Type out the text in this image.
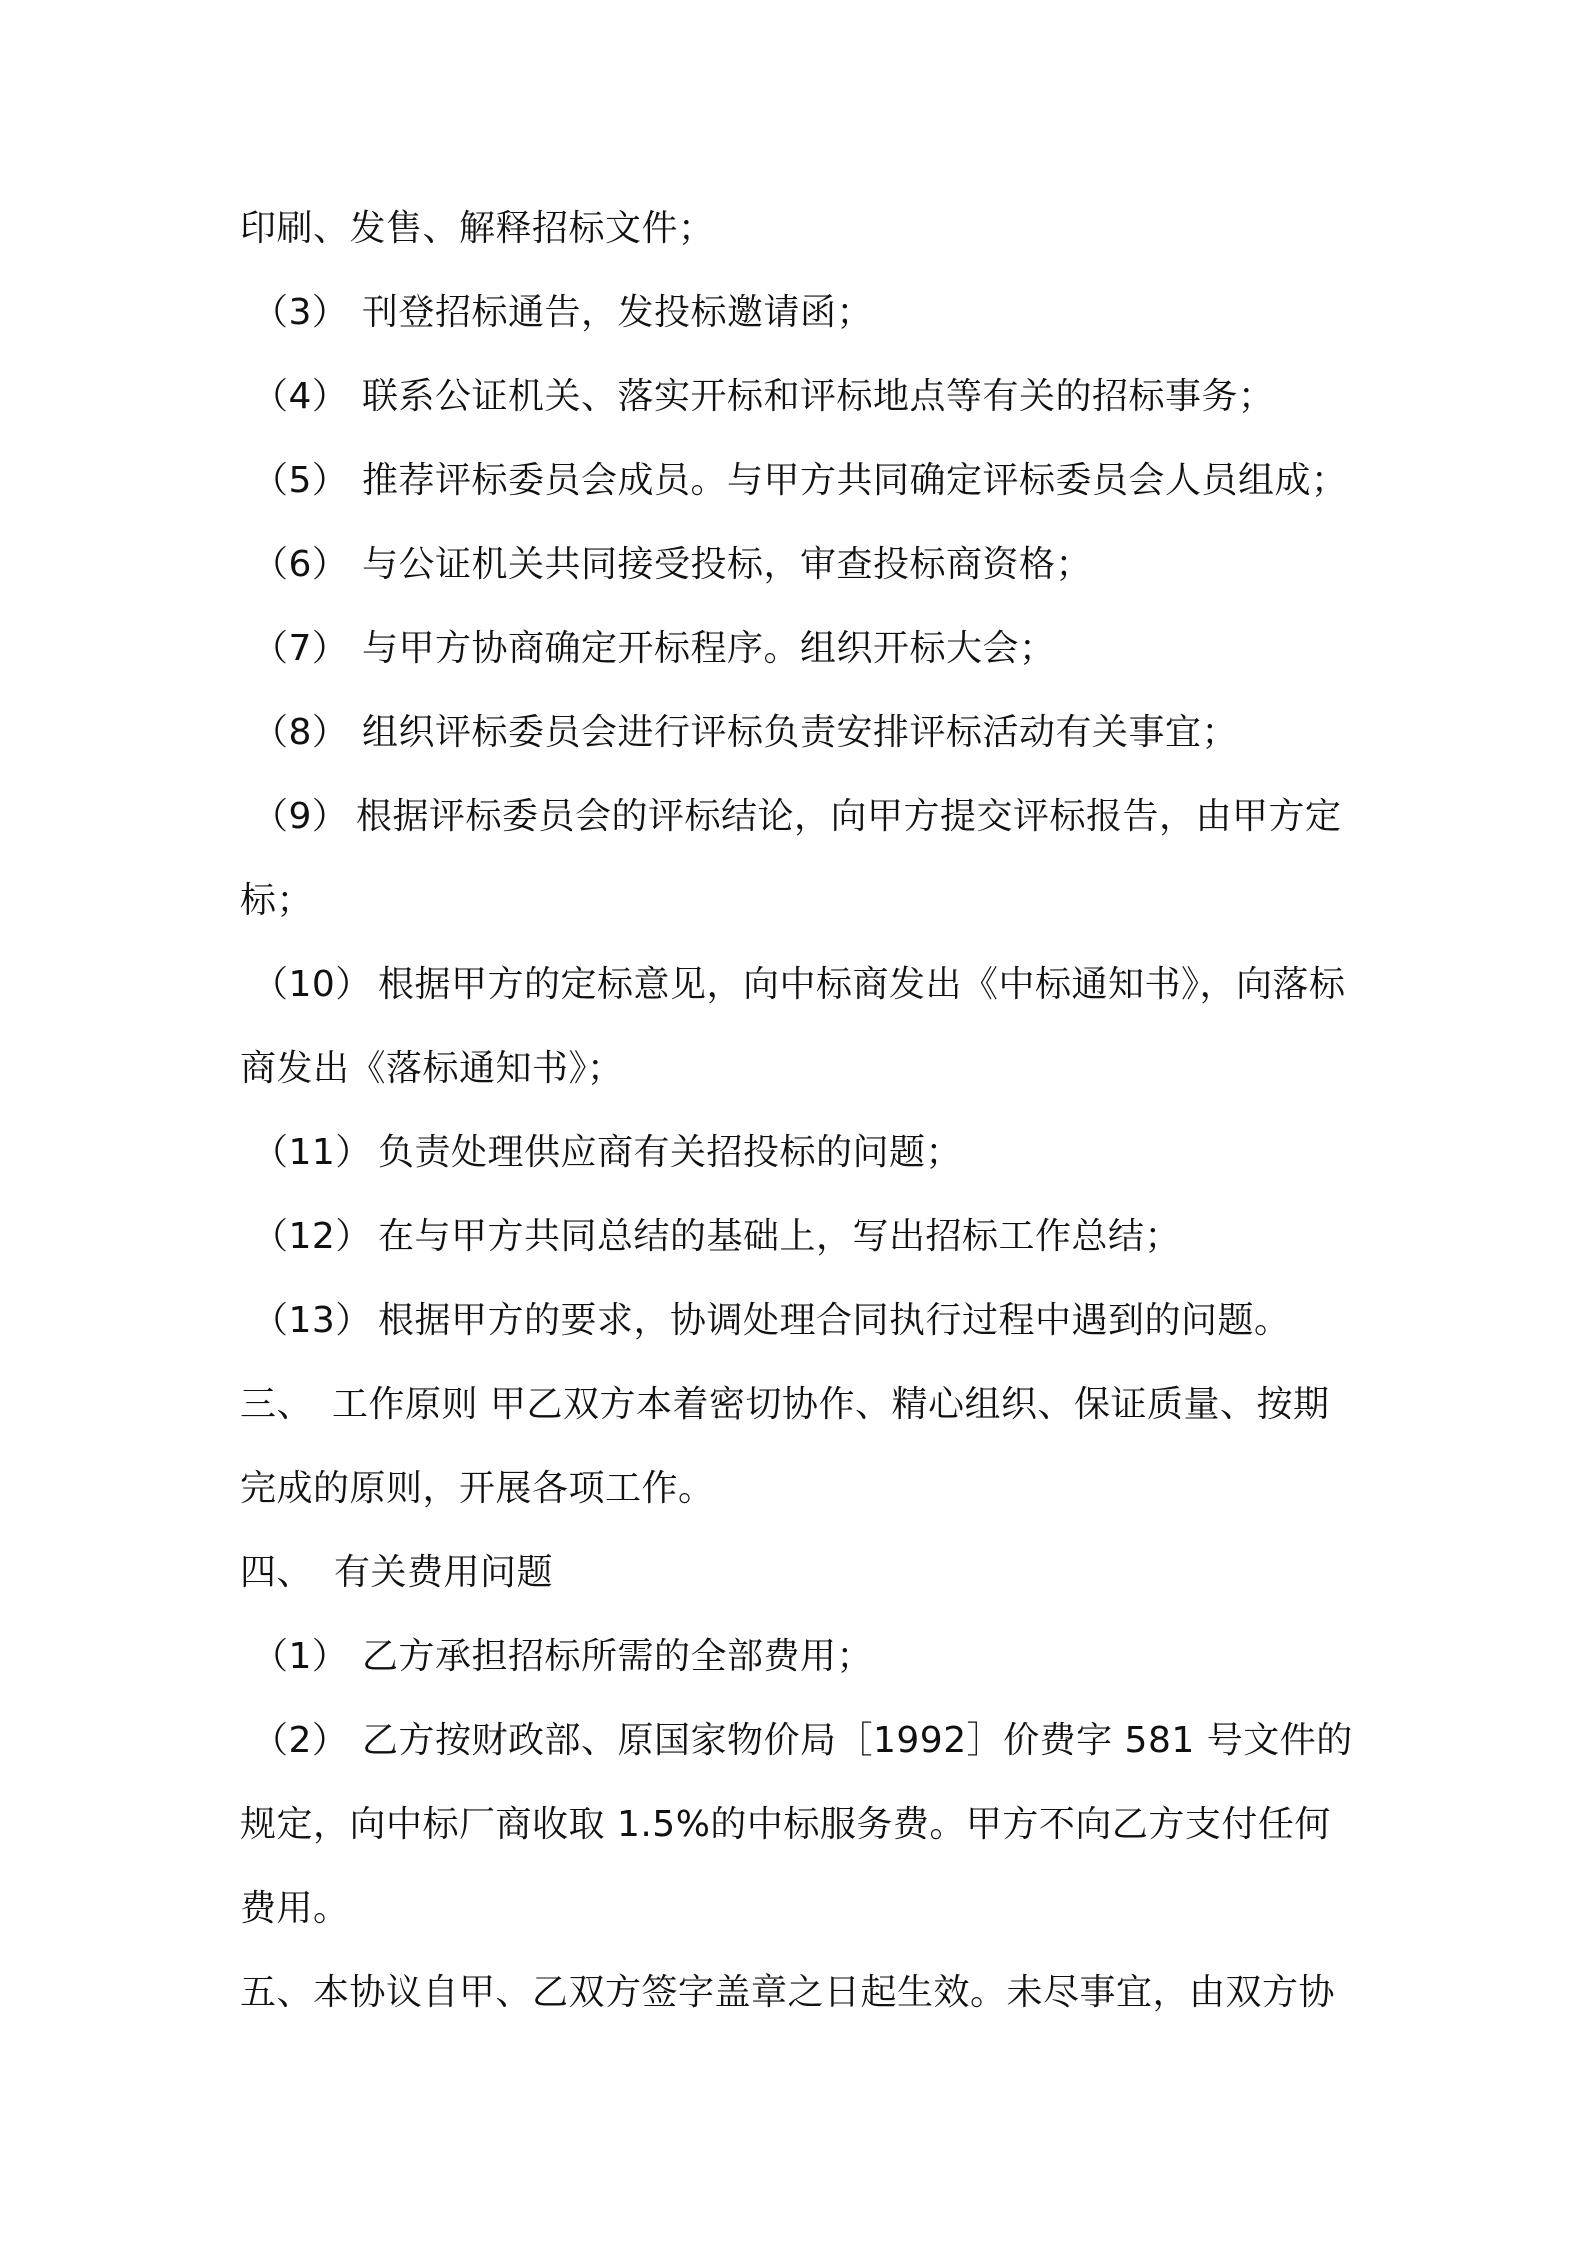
印刷、发售、解释招标文件；
（3） 刊登招标通告，发投标邀请函；
（4） 联系公证机关、落实开标和评标地点等有关的招标事务；
（5） 推荐评标委员会成员。与甲方共同确定评标委员会人员组成；
（6） 与公证机关共同接受投标，审查投标商资格；
（7） 与甲方协商确定开标程序。组织开标大会；
（8） 组织评标委员会进行评标负责安排评标活动有关事宜；
（9） 根据评标委员会的评标结论，向甲方提交评标报告，由甲方定
标；
（10） 根据甲方的定标意见，向中标商发出《中标通知书》，向落标
商发出《落标通知书》；
（11） 负责处理供应商有关招投标的问题；
（12） 在与甲方共同总结的基础上，写出招标工作总结；
（13） 根据甲方的要求，协调处理合同执行过程中遇到的问题。
三、 工作原则 甲乙双方本着密切协作、精心组织、保证质量、按期
完成的原则，开展各项工作。
四、 有关费用问题
（1） 乙方承担招标所需的全部费用；
（2） 乙方按财政部、原国家物价局［1992］价费字 581 号文件的
规定，向中标厂商收取 1.5%的中标服务费。甲方不向乙方支付任何
费用。
五、本协议自甲、乙双方签字盖章之日起生效。未尽事宜，由双方协
